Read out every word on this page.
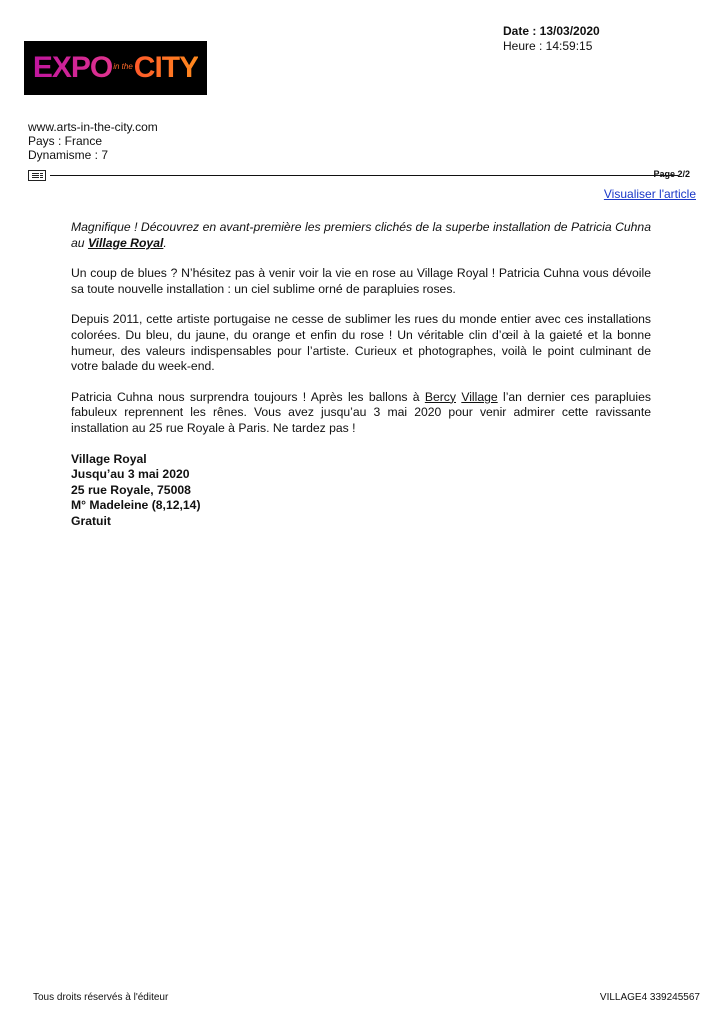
EXPO in the CITY
Date : 13/03/2020
Heure : 14:59:15
www.arts-in-the-city.com
Pays : France
Dynamisme : 7
Page 2/2
Visualiser l'article

Magnifique ! Découvrez en avant-première les premiers clichés de la superbe installation de Patricia Cuhna au Village Royal.

Un coup de blues ? N’hésitez pas à venir voir la vie en rose au Village Royal ! Patricia Cuhna vous dévoile sa toute nouvelle installation : un ciel sublime orné de parapluies roses.

Depuis 2011, cette artiste portugaise ne cesse de sublimer les rues du monde entier avec ces installations colorées. Du bleu, du jaune, du orange et enfin du rose ! Un véritable clin d’œil à la gaieté et la bonne humeur, des valeurs indispensables pour l’artiste. Curieux et photographes, voilà le point culminant de votre balade du week-end.

Patricia Cuhna nous surprendra toujours ! Après les ballons à Bercy Village l’an dernier ces parapluies fabuleux reprennent les rênes. Vous avez jusqu’au 3 mai 2020 pour venir admirer cette ravissante installation au 25 rue Royale à Paris. Ne tardez pas !

Village Royal
Jusqu’au 3 mai 2020
25 rue Royale, 75008
M° Madeleine (8,12,14)
Gratuit
Tous droits réservés à l'éditeur	VILLAGE4 339245567
